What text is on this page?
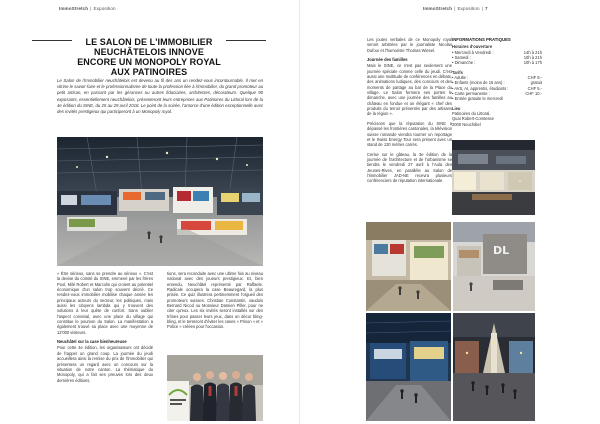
ImmoStretch | Exposition
LE SALON DE L'IMMOBILIER NEUCHÂTELOIS INNOVE ENCORE UN MONOPOLY ROYAL AUX PATINOIRES
Le Salon de l'immobilier neuchâtelois est devenu au fil des ans un rendez-vous incontournable. Il met en vitrine le savoir-faire et le professionnalisme de toute la profession liée à l'immobilier, du grand promoteur au petit artisan, en passant par les gérances ou autres fiduciaires, architectes, décorateurs. Quelque 90 exposants, essentiellement neuchâtelois, présenteront leurs entreprises aux Patinoires du Littoral lors de la 4e édition du SINE, du 25 au 29 avril 2018. Le point de la soirée, l'amorce d'une édition exceptionnelle avec des invités prestigieux qui participeront à un Monopoly royal.

« Être sérieux, sans se prendre au sérieux ». C'est la devise du comité du SINE, emmené par les frères Pool, Milé Robert et Marcolin qui croient au potentiel économique d'un salon trop souvent décrié. Ce rendez-vous immobilier mobilise chaque année les principaux acteurs du secteur, les politiques, mais aussi les citoyens lambda qui y trouvent des solutions à leur quête de confort. Sans oublier l'aspect convivial, avec une place du village qui constitue le poumon du Salon. La manifestation a également trouvé sa place avec une moyenne de 12'000 visiteurs.

Neuchâtel sur la case bienheureuse

Pour cette 4e édition, les organisateurs ont décidé de frapper un grand coup. La journée du jeudi accueillera ainsi la remise du prix de l'immobilier qui présentera un regard avec un concours sur la situation de notre canton. La thématique du Monopoly, qui a fait ses preuves lors des deux dernières éditions,

tions, sera reconduite avec une ultime fois au niveau national avec des joueurs prestigieux. Et, bien entendu, Neuchâtel représenté par Raffaele. Radicale occupera la case Beauregard, la plus prisée. Ce quiz illustrera pertinemment l'orgueil des promoteurs suisses. Christian Constantin, vaudois Bernard Nicod ou Monsieur Damien Piller, pour ne citer qu'eux. Les six invités seront installés sur des trônes pour passer leurs jeux, dans un décor bling-bling, et le tenteront d'éviter les cases « Prison » et « Police » créées pour l'occasion.

ImmoStretch | Exposition | 7

Les joutes verbales de ce Monopoly royal seront arbitrées par le journaliste Nicolas Dufour et l'humoriste Thomas Wiesel.

Journée des familles

Mais le SINE, ce n'est pas seulement une journée spéciale comme celle du jeudi. C'est aussi une multitude de conférences en débats, des animations ludiques, des concours et des moments de partage au bar de la Place du village. Le Salon fermera ses portes le dimanche, avec une journée des familles au château en fondue et un élégant « chef des produits du terroir présentés par des artisans de la région ».

Précisons que la réputation du SINE a dépassé les frontières cantonales, la télévision suisse romande viendra tourner un reportage et le Swiss Energy Tour sera présent avec un stand de 130 mètres carrés.

Cerise sur le gâteau, la 3e édition de la journée de l'architecture et de l'urbanisme se tiendra le vendredi 27 avril à l'Aula des Jeunes-Rives, en parallèle au Salon de l'immobilier JAD-NE recevra plusieurs conférenciers de réputation internationale.

INFORMATIONS PRATIQUES
Horaires d'ouverture
• Mercredi à Vendredi :	14h à 21h
• Samedi :	10h à 21h
• Dimanche :	10h à 17h
Tarifs
• Adulte :	CHF 8.-
• Enfants (moins de 16 ans) :	gratuit
• AVS, AI, apprentis, étudiants :	CHF 5.-
• Carte permanente :	CHF 10.-
• Entrée gratuite le mercredi
Lieu
Patinoires du Littoral,
Quai Robert-Comtesse
2000 Neuchâtel
DL
